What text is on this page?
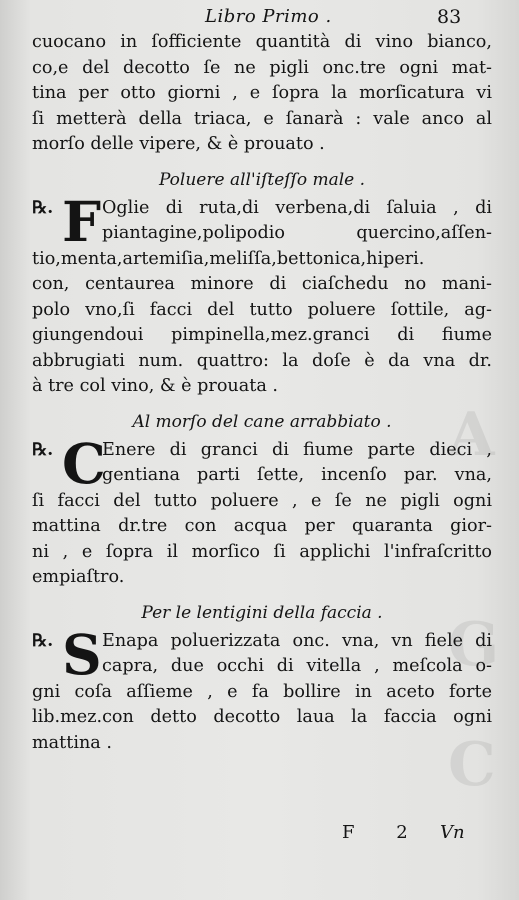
A
G
C
Libro Primo .	83
cuocano in ſofficiente quantità di vino bianco,
co,e del decotto ſe ne pigli onc.tre ogni mat-
tina per otto giorni , e ſopra la morſicatura vi
ſi metterà della triaca, e ſanarà : vale anco al
morſo delle vipere, & è prouato .
Poluere all'iſteſſo male .
℞. F Oglie di ruta,di verbena,di ſaluia , di
piantagine,polipodio quercino,aſſen-
tio,menta,artemiſia,meliſſa,bettonica,hiperi.
con, centaurea minore di ciaſchedu no mani-
polo vno,ſi facci del tutto poluere ſottile, ag-
giungendoui pimpinella,mez.granci di fiume
abbrugiati num. quattro: la doſe è da vna dr.
à tre col vino, & è prouata .
Al morſo del cane arrabbiato .
℞. C
Enere di granci di fiume parte dieci ,
gentiana parti ſette, incenſo par. vna,
ſi facci del tutto poluere , e ſe ne pigli ogni
mattina dr.tre con acqua per quaranta gior-
ni , e ſopra il morſico ſi applichi l'infraſcritto
empiaſtro.
Per le lentigini della faccia .
℞. S Enapa poluerizzata onc. vna, vn fiele di
capra, due occhi di vitella , meſcola o-
gni coſa aſſieme , e fa bollire in aceto forte
lib.mez.con detto decotto laua la faccia ogni
mattina .
F 2 Vn
